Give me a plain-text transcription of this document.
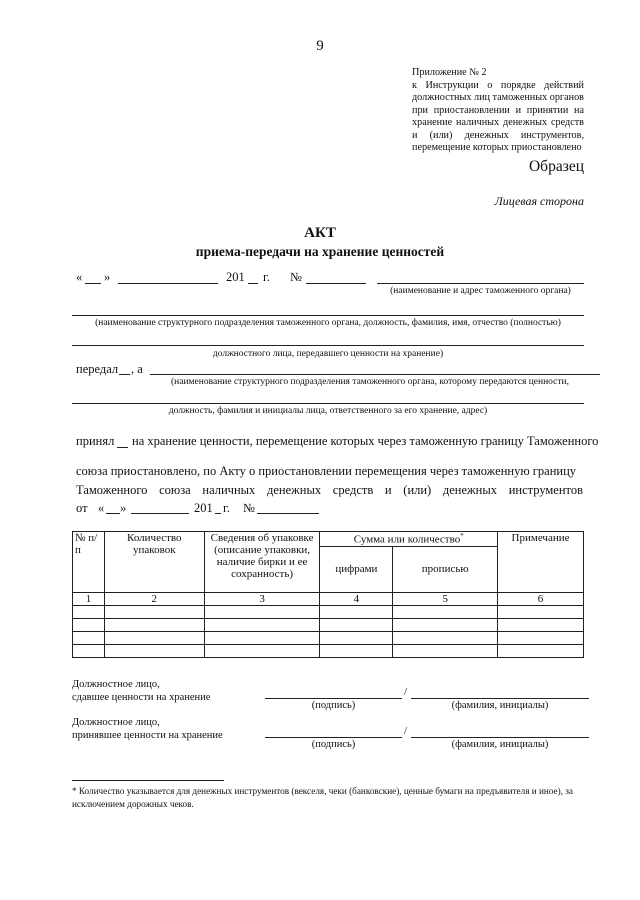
9
Приложение № 2
к Инструкции о порядке действий должностных лиц таможенных органов при приостановлении и принятии на хранение наличных денежных средств и (или) денежных инструментов, перемещение которых приостановлено
Образец
Лицевая сторона
АКТ
приема-передачи на хранение ценностей
« »	201 г. №
(наименование и адрес таможенного органа)
(наименование структурного подразделения таможенного органа, должность, фамилия, имя, отчество (полностью)
должностного лица, передавшего ценности на хранение)
передал , а
(наименование структурного подразделения таможенного органа, которому передаются ценности,
должность, фамилия и инициалы лица, ответственного за его хранение, адрес)
принял на хранение ценности, перемещение которых через таможенную границу Таможенного
союза приостановлено, по Акту о приостановлении перемещения через таможенную границу
Таможенного союза наличных денежных средств и (или) денежных инструментов
от « »	201 г. №
№ п/п	Количество упаковок	Сведения об упаковке (описание упаковки, наличие бирки и ее сохранность)	Сумма или количество*		Примечание
			цифрами	прописью	
1	2	3	4	5	6

Должностное лицо,
сдавшее ценности на хранение	/
(подпись)	(фамилия, инициалы)
Должностное лицо,
принявшее ценности на хранение	/
(подпись)	(фамилия, инициалы)
* Количество указывается для денежных инструментов (векселя, чеки (банковские), ценные бумаги на предъявителя и иное), за исключением дорожных чеков.
